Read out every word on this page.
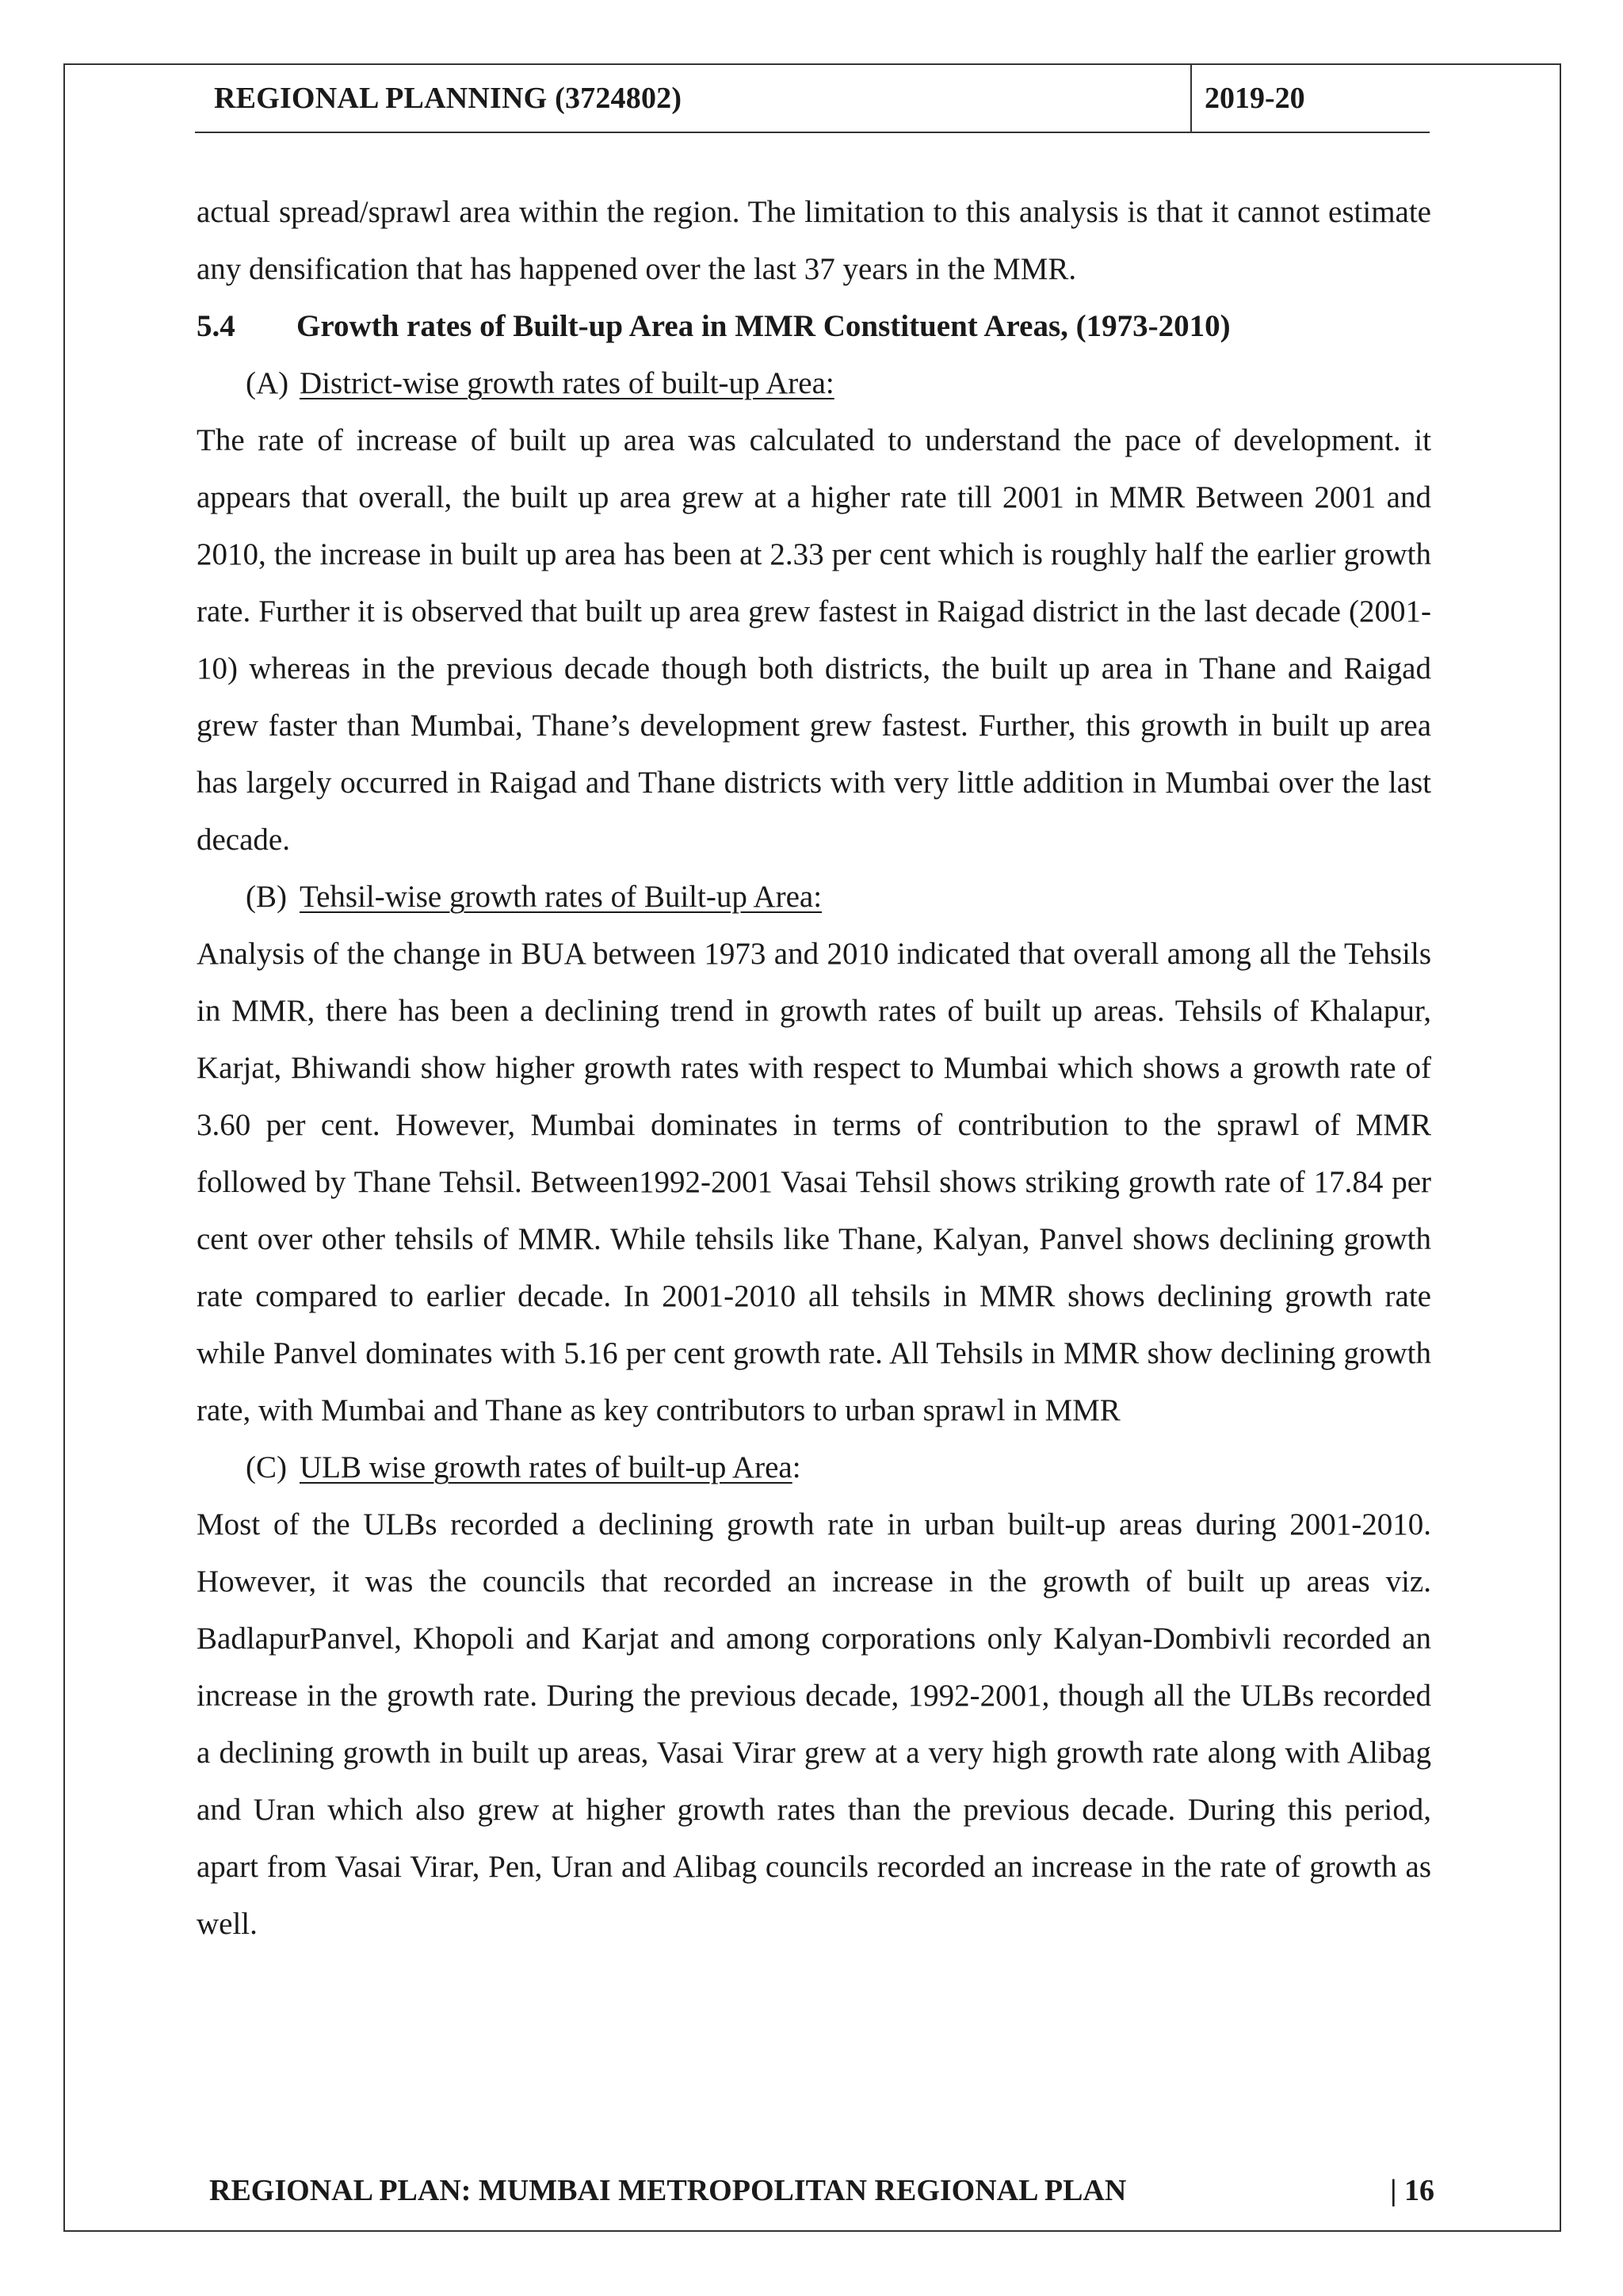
REGIONAL PLANNING (3724802)	2019-20

actual spread/sprawl area within the region. The limitation to this analysis is that it cannot estimate any densification that has happened over the last 37 years in the MMR.

5.4	Growth rates of Built-up Area in MMR Constituent Areas, (1973-2010)
(A) District-wise growth rates of built-up Area:

The rate of increase of built up area was calculated to understand the pace of development. it appears that overall, the built up area grew at a higher rate till 2001 in MMR Between 2001 and 2010, the increase in built up area has been at 2.33 per cent which is roughly half the earlier growth rate. Further it is observed that built up area grew fastest in Raigad district in the last decade (2001-10) whereas in the previous decade though both districts, the built up area in Thane and Raigad grew faster than Mumbai, Thane’s development grew fastest. Further, this growth in built up area has largely occurred in Raigad and Thane districts with very little addition in Mumbai over the last decade.

(B) Tehsil-wise growth rates of Built-up Area:

Analysis of the change in BUA between 1973 and 2010 indicated that overall among all the Tehsils in MMR, there has been a declining trend in growth rates of built up areas. Tehsils of Khalapur, Karjat, Bhiwandi show higher growth rates with respect to Mumbai which shows a growth rate of 3.60 per cent. However, Mumbai dominates in terms of contribution to the sprawl of MMR followed by Thane Tehsil. Between1992-2001 Vasai Tehsil shows striking growth rate of 17.84 per cent over other tehsils of MMR. While tehsils like Thane, Kalyan, Panvel shows declining growth rate compared to earlier decade. In 2001-2010 all tehsils in MMR shows declining growth rate while Panvel dominates with 5.16 per cent growth rate. All Tehsils in MMR show declining growth rate, with Mumbai and Thane as key contributors to urban sprawl in MMR

(C) ULB wise growth rates of built-up Area :

Most of the ULBs recorded a declining growth rate in urban built-up areas during 2001-2010. However, it was the councils that recorded an increase in the growth of built up areas viz. BadlapurPanvel, Khopoli and Karjat and among corporations only Kalyan-Dombivli recorded an increase in the growth rate. During the previous decade, 1992-2001, though all the ULBs recorded a declining growth in built up areas, Vasai Virar grew at a very high growth rate along with Alibag and Uran which also grew at higher growth rates than the previous decade. During this period, apart from Vasai Virar, Pen, Uran and Alibag councils recorded an increase in the rate of growth as well.

REGIONAL PLAN: MUMBAI METROPOLITAN REGIONAL PLAN	| 16
